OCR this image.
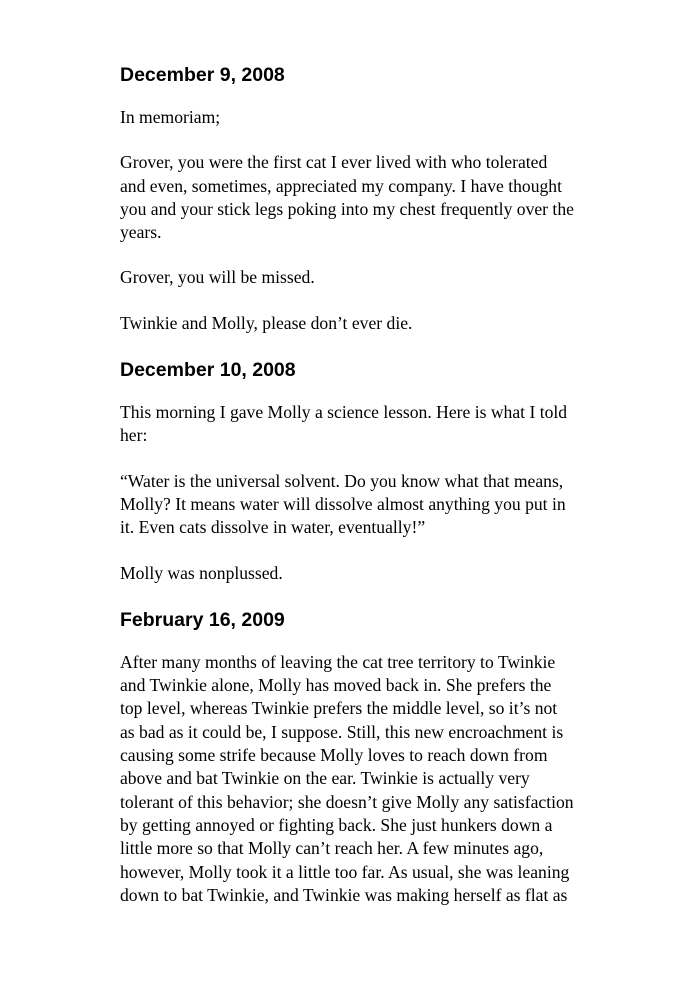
December 9, 2008

In memoriam;

Grover, you were the first cat I ever lived with who tolerated
and even, sometimes, appreciated my company. I have thought
you and your stick legs poking into my chest frequently over the
years.

Grover, you will be missed.

Twinkie and Molly, please don’t ever die.

December 10, 2008

This morning I gave Molly a science lesson. Here is what I told
her:

“Water is the universal solvent. Do you know what that means,
Molly? It means water will dissolve almost anything you put in
it. Even cats dissolve in water, eventually!”

Molly was nonplussed.

February 16, 2009

After many months of leaving the cat tree territory to Twinkie
and Twinkie alone, Molly has moved back in. She prefers the
top level, whereas Twinkie prefers the middle level, so it’s not
as bad as it could be, I suppose. Still, this new encroachment is
causing some strife because Molly loves to reach down from
above and bat Twinkie on the ear. Twinkie is actually very
tolerant of this behavior; she doesn’t give Molly any satisfaction
by getting annoyed or fighting back. She just hunkers down a
little more so that Molly can’t reach her. A few minutes ago,
however, Molly took it a little too far. As usual, she was leaning
down to bat Twinkie, and Twinkie was making herself as flat as
